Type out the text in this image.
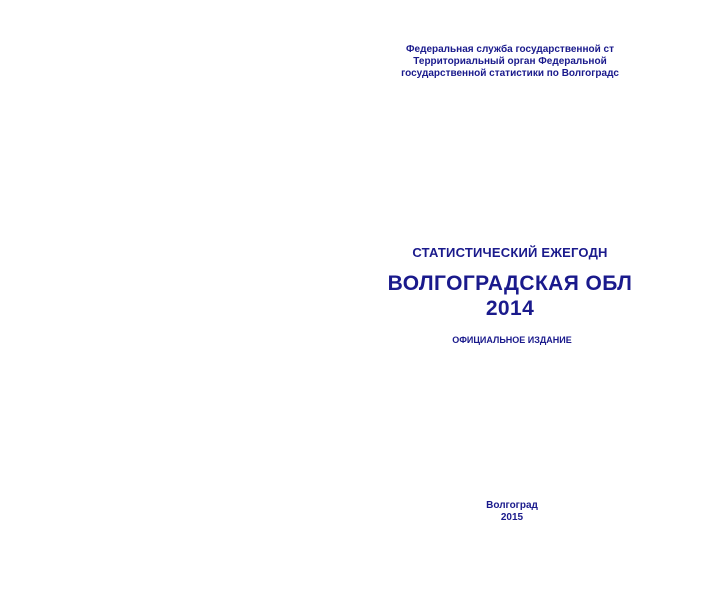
Федеральная служба государственной ст
Территориальный орган Федеральной
государственной статистики по Волгоградс
СТАТИСТИЧЕСКИЙ ЕЖЕГОДН
ВОЛГОГРАДСКАЯ ОБЛ
2014
ОФИЦИАЛЬНОЕ ИЗДАНИЕ
Волгоград
2015
